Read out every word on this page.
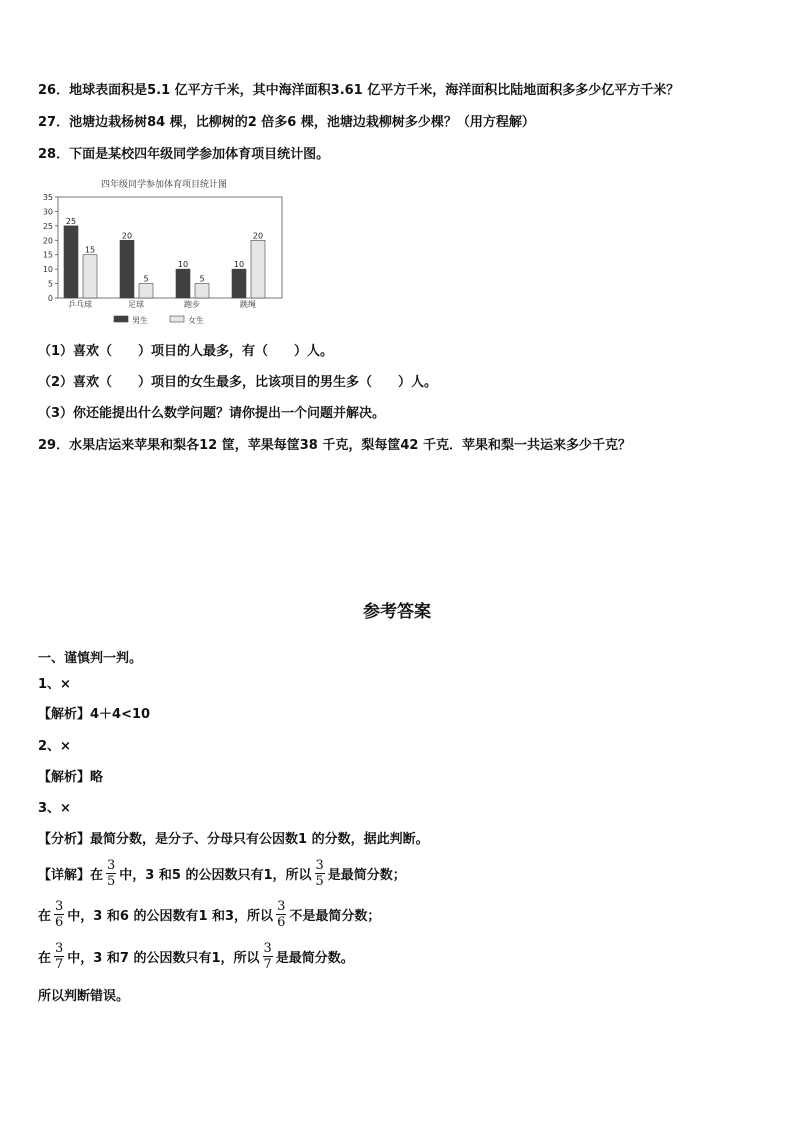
26．地球表面积是5.1 亿平方千米，其中海洋面积3.61 亿平方千米，海洋面积比陆地面积多多少亿平方千米？
27．池塘边栽杨树84 棵，比柳树的2 倍多6 棵，池塘边栽柳树多少棵？（用方程解）
28．下面是某校四年级同学参加体育项目统计图。
四年级同学参加体育项目统计图
0
5
10
15
20
25
30
35
25
15
乒乓球
20
5
足球
10
5
跑步
10
20
跳绳
男生	女生
（1）喜欢（　　）项目的人最多，有（　　）人。
（2）喜欢（　　）项目的女生最多，比该项目的男生多（　　）人。
（3）你还能提出什么数学问题？请你提出一个问题并解决。
29．水果店运来苹果和梨各12 筐，苹果每筐38 千克，梨每筐42 千克．苹果和梨一共运来多少千克？
参考答案
一、谨慎判一判。
1、×
【解析】4＋4<10
2、×
【解析】略
3、×
【分析】最简分数，是分子、分母只有公因数1 的分数，据此判断。
【详解】在 $\frac{3}{5}$ 中，3 和5 的公因数只有1，所以 $\frac{3}{5}$ 是最简分数；
在 $\frac{3}{6}$ 中，3 和6 的公因数有1 和3，所以 $\frac{3}{6}$ 不是最简分数；
在 $\frac{3}{7}$ 中，3 和7 的公因数只有1，所以 $\frac{3}{7}$ 是最简分数。
所以判断错误。
